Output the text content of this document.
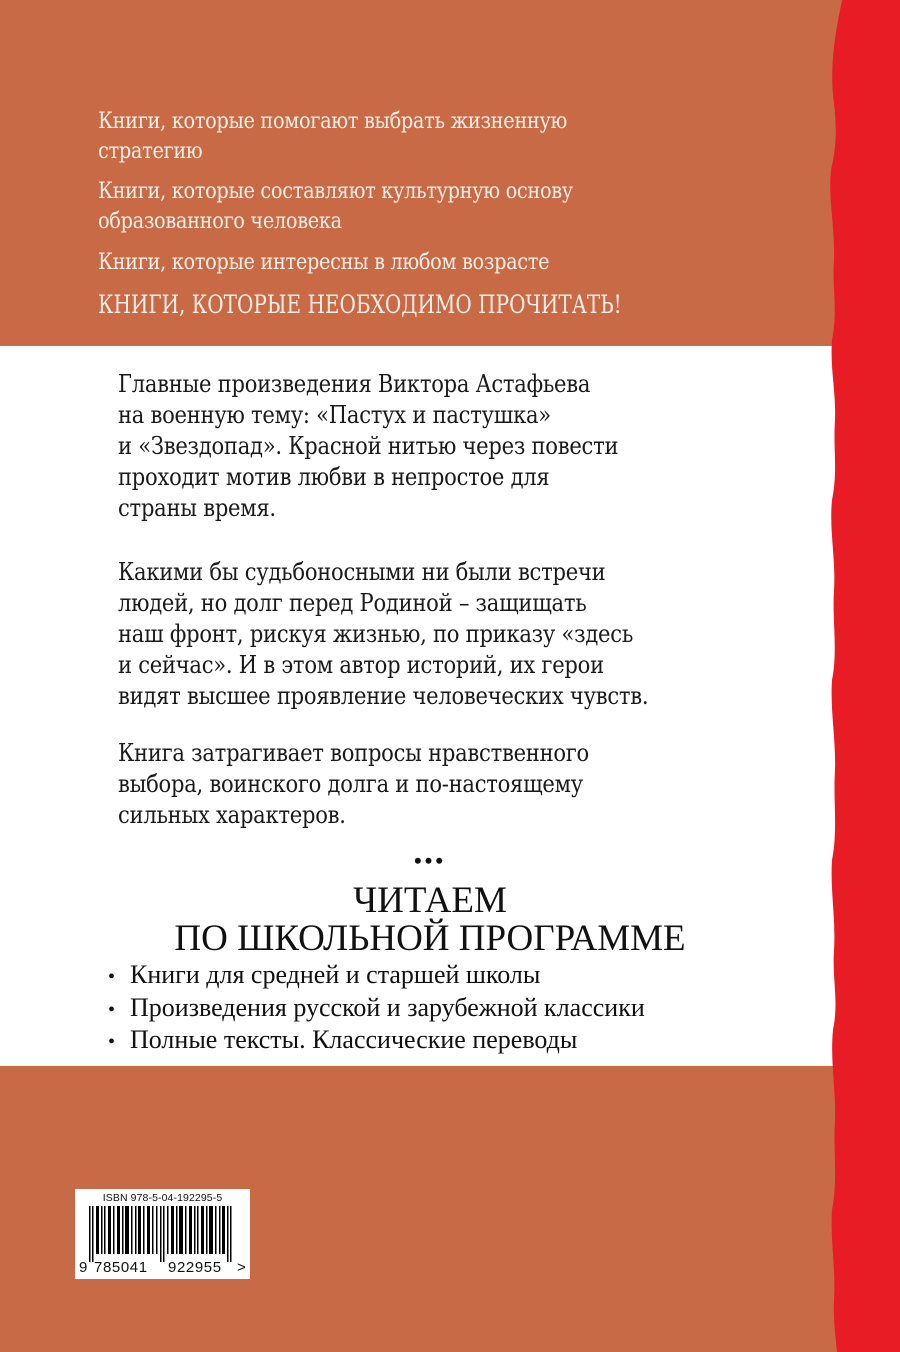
Книги, которые помогают выбрать жизненную
стратегию
Книги, которые составляют культурную основу
образованного человека
Книги, которые интересны в любом возрасте
КНИГИ, КОТОРЫЕ НЕОБХОДИМО ПРОЧИТАТЬ!
Главные произведения Виктора Астафьева
на военную тему: «Пастух и пастушка»
и «Звездопад». Красной нитью через повести
проходит мотив любви в непростое для
страны время.
Какими бы судьбоносными ни были встречи
людей, но долг перед Родиной – защищать
наш фронт, рискуя жизнью, по приказу «здесь
и сейчас». И в этом автор историй, их герои
видят высшее проявление человеческих чувств.
Книга затрагивает вопросы нравственного
выбора, воинского долга и по-настоящему
сильных характеров.
•••
ЧИТАЕМ
ПО ШКОЛЬНОЙ ПРОГРАММЕ
• Книги для средней и старшей школы
• Произведения русской и зарубежной классики
• Полные тексты. Классические переводы
ISBN 978-5-04-192295-5
9 785041 922955 >
